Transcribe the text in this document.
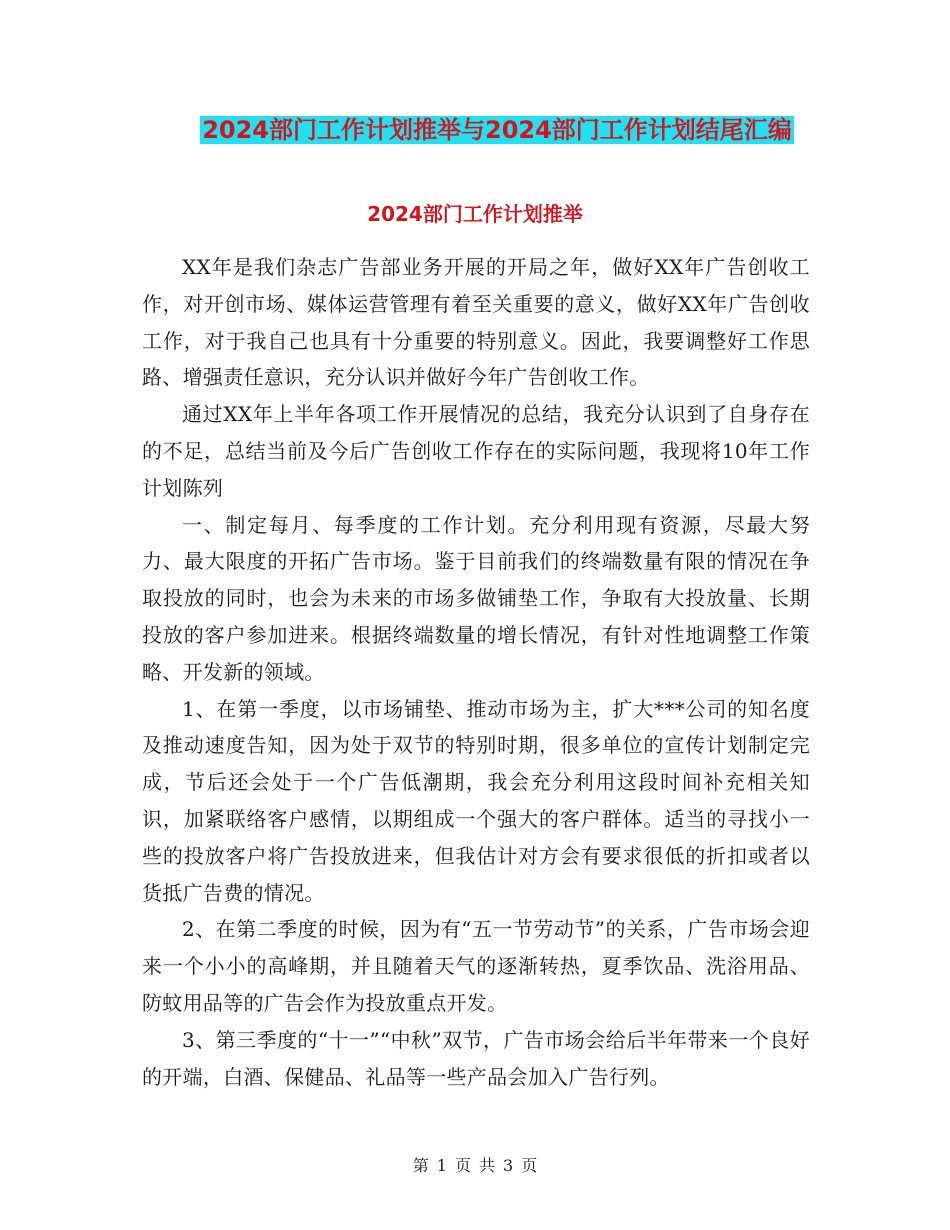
2024部门工作计划推举与2024部门工作计划结尾汇编
2024部门工作计划推举

XX年是我们杂志广告部业务开展的开局之年，做好XX年广告创收工作，对开创市场、媒体运营管理有着至关重要的意义，做好XX年广告创收工作，对于我自己也具有十分重要的特别意义。因此，我要调整好工作思路、增强责任意识，充分认识并做好今年广告创收工作。

通过XX年上半年各项工作开展情况的总结，我充分认识到了自身存在的不足，总结当前及今后广告创收工作存在的实际问题，我现将10年工作计划陈列

一、制定每月、每季度的工作计划。充分利用现有资源，尽最大努力、最大限度的开拓广告市场。鉴于目前我们的终端数量有限的情况在争取投放的同时，也会为未来的市场多做铺垫工作，争取有大投放量、长期投放的客户参加进来。根据终端数量的增长情况，有针对性地调整工作策略、开发新的领域。

1、在第一季度，以市场铺垫、推动市场为主，扩大***公司的知名度及推动速度告知，因为处于双节的特别时期，很多单位的宣传计划制定完成，节后还会处于一个广告低潮期，我会充分利用这段时间补充相关知识，加紧联络客户感情，以期组成一个强大的客户群体。适当的寻找小一些的投放客户将广告投放进来，但我估计对方会有要求很低的折扣或者以货抵广告费的情况。

2、在第二季度的时候，因为有“五一节劳动节”的关系，广告市场会迎来一个小小的高峰期，并且随着天气的逐渐转热，夏季饮品、洗浴用品、防蚊用品等的广告会作为投放重点开发。

3、第三季度的“十一”“中秋”双节，广告市场会给后半年带来一个良好的开端，白酒、保健品、礼品等一些产品会加入广告行列。

第 1 页 共 3 页
